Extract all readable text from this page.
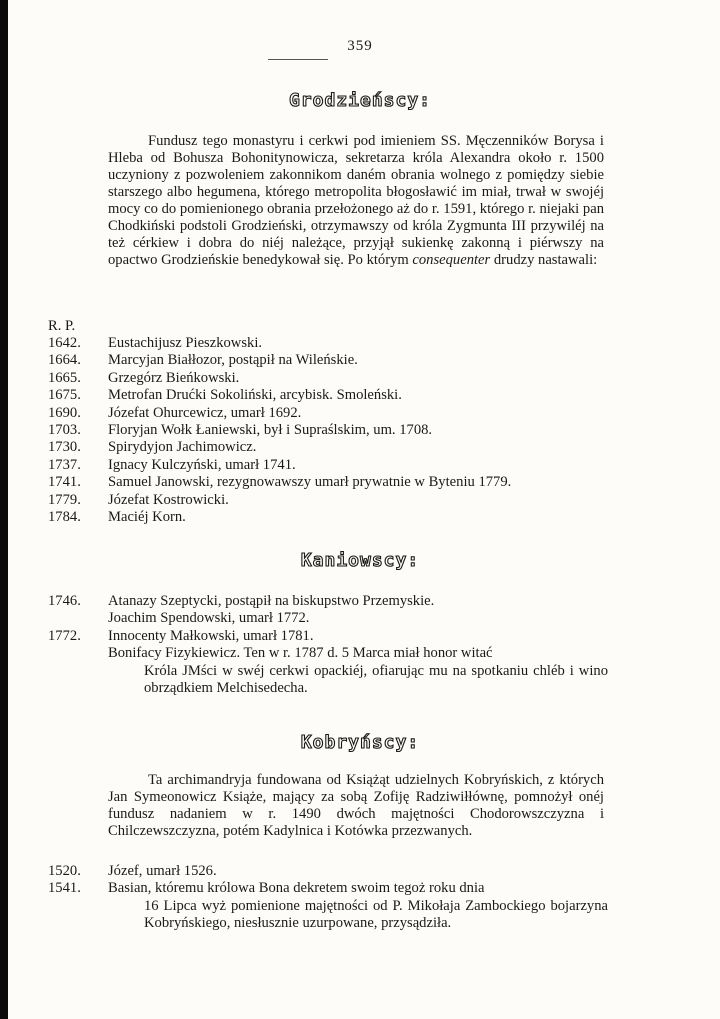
359
Grodzieńscy:

Fundusz tego monastyru i cerkwi pod imieniem SS. Męczenników Borysa i Hleba od Bohusza Bohonitynowicza, sekretarza króla Alexandra około r. 1500 uczyniony z pozwoleniem zakonnikom daném obrania wolnego z pomiędzy siebie starszego albo hegumena, którego metropolita błogosławić im miał, trwał w swojéj mocy co do pomienionego obrania przełożonego aż do r. 1591, którego r. niejaki pan Chodkiński podstoli Grodzieński, otrzymawszy od króla Zygmunta III przywiléj na też cérkiew i dobra do niéj należące, przyjął sukienkę zakonną i piérwszy na opactwo Grodzieńskie benedykował się. Po którym consequenter drudzy nastawali:

R. P.
1642.	Eustachijusz Pieszkowski.
1664.	Marcyjan Białłozor, postąpił na Wileńskie.
1665.	Grzegórz Bieńkowski.
1675.	Metrofan Drućki Sokoliński, arcybisk. Smoleński.
1690.	Józefat Ohurcewicz, umarł 1692.
1703.	Floryjan Wołk Łaniewski, był i Supraślskim, um. 1708.
1730.	Spirydyjon Jachimowicz.
1737.	Ignacy Kulczyński, umarł 1741.
1741.	Samuel Janowski, rezygnowawszy umarł prywatnie w Byteniu 1779.
1779.	Józefat Kostrowicki.
1784.	Maciéj Korn.
Kaniowscy:
1746.	Atanazy Szeptycki, postąpił na biskupstwo Przemyskie.
Joachim Spendowski, umarł 1772.
1772.	Innocenty Małkowski, umarł 1781.
Bonifacy Fizykiewicz. Ten w r. 1787 d. 5 Marca miał honor witać
Króla JMści w swéj cerkwi opackiéj, ofiarując mu na spotkaniu chléb i wino obrządkiem Melchisedecha.
Kobryńscy:

Ta archimandryja fundowana od Książąt udzielnych Kobryńskich, z których Jan Symeonowicz Książe, mający za sobą Zofiję Radziwiłłównę, pomnożył onéj fundusz nadaniem w r. 1490 dwóch majętności Chodorowszczyzna i Chilczewszczyzna, potém Kadylnica i Kotówka przezwanych.

1520.	Józef, umarł 1526.
1541.	Basian, któremu królowa Bona dekretem swoim tegoż roku dnia
16 Lipca wyż pomienione majętności od P. Mikołaja Zambockiego bojarzyna Kobryńskiego, niesłusznie uzurpowane, przysądziła.
